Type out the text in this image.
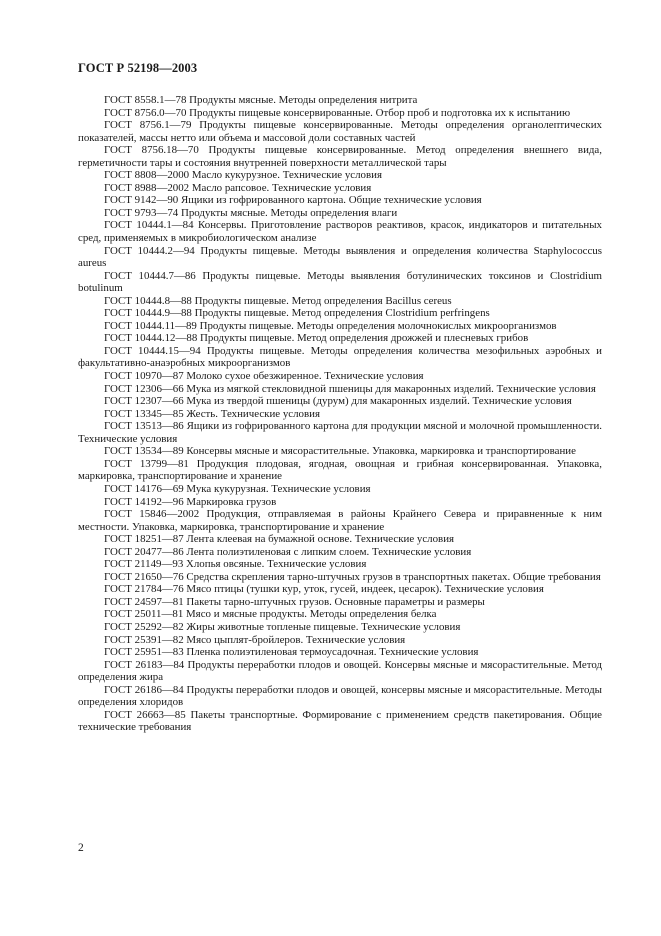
ГОСТ Р 52198—2003

ГОСТ 8558.1—78 Продукты мясные. Методы определения нитрита

ГОСТ 8756.0—70 Продукты пищевые консервированные. Отбор проб и подготовка их к испытанию

ГОСТ 8756.1—79 Продукты пищевые консервированные. Методы определения органолептических показателей, массы нетто или объема и массовой доли составных частей

ГОСТ 8756.18—70 Продукты пищевые консервированные. Метод определения внешнего вида, герметичности тары и состояния внутренней поверхности металлической тары

ГОСТ 8808—2000 Масло кукурузное. Технические условия

ГОСТ 8988—2002 Масло рапсовое. Технические условия

ГОСТ 9142—90 Ящики из гофрированного картона. Общие технические условия

ГОСТ 9793—74 Продукты мясные. Методы определения влаги

ГОСТ 10444.1—84 Консервы. Приготовление растворов реактивов, красок, индикаторов и питательных сред, применяемых в микробиологическом анализе

ГОСТ 10444.2—94 Продукты пищевые. Методы выявления и определения количества Staphylococcus aureus

ГОСТ 10444.7—86 Продукты пищевые. Методы выявления ботулинических токсинов и Clostridium botulinum

ГОСТ 10444.8—88 Продукты пищевые. Метод определения Bacillus cereus

ГОСТ 10444.9—88 Продукты пищевые. Метод определения Clostridium perfringens

ГОСТ 10444.11—89 Продукты пищевые. Методы определения молочнокислых микроорганизмов

ГОСТ 10444.12—88 Продукты пищевые. Метод определения дрожжей и плесневых грибов

ГОСТ 10444.15—94 Продукты пищевые. Методы определения количества мезофильных аэробных и факультативно-анаэробных микроорганизмов

ГОСТ 10970—87 Молоко сухое обезжиренное. Технические условия

ГОСТ 12306—66 Мука из мягкой стекловидной пшеницы для макаронных изделий. Технические условия

ГОСТ 12307—66 Мука из твердой пшеницы (дурум) для макаронных изделий. Технические условия

ГОСТ 13345—85 Жесть. Технические условия

ГОСТ 13513—86 Ящики из гофрированного картона для продукции мясной и молочной промышленности. Технические условия

ГОСТ 13534—89 Консервы мясные и мясорастительные. Упаковка, маркировка и транспортирование

ГОСТ 13799—81 Продукция плодовая, ягодная, овощная и грибная консервированная. Упаковка, маркировка, транспортирование и хранение

ГОСТ 14176—69 Мука кукурузная. Технические условия

ГОСТ 14192—96 Маркировка грузов

ГОСТ 15846—2002 Продукция, отправляемая в районы Крайнего Севера и приравненные к ним местности. Упаковка, маркировка, транспортирование и хранение

ГОСТ 18251—87 Лента клеевая на бумажной основе. Технические условия

ГОСТ 20477—86 Лента полиэтиленовая с липким слоем. Технические условия

ГОСТ 21149—93 Хлопья овсяные. Технические условия

ГОСТ 21650—76 Средства скрепления тарно-штучных грузов в транспортных пакетах. Общие требования

ГОСТ 21784—76 Мясо птицы (тушки кур, уток, гусей, индеек, цесарок). Технические условия

ГОСТ 24597—81 Пакеты тарно-штучных грузов. Основные параметры и размеры

ГОСТ 25011—81 Мясо и мясные продукты. Методы определения белка

ГОСТ 25292—82 Жиры животные топленые пищевые. Технические условия

ГОСТ 25391—82 Мясо цыплят-бройлеров. Технические условия

ГОСТ 25951—83 Пленка полиэтиленовая термоусадочная. Технические условия

ГОСТ 26183—84 Продукты переработки плодов и овощей. Консервы мясные и мясорастительные. Метод определения жира

ГОСТ 26186—84 Продукты переработки плодов и овощей, консервы мясные и мясорастительные. Методы определения хлоридов

ГОСТ 26663—85 Пакеты транспортные. Формирование с применением средств пакетирования. Общие технические требования

2
